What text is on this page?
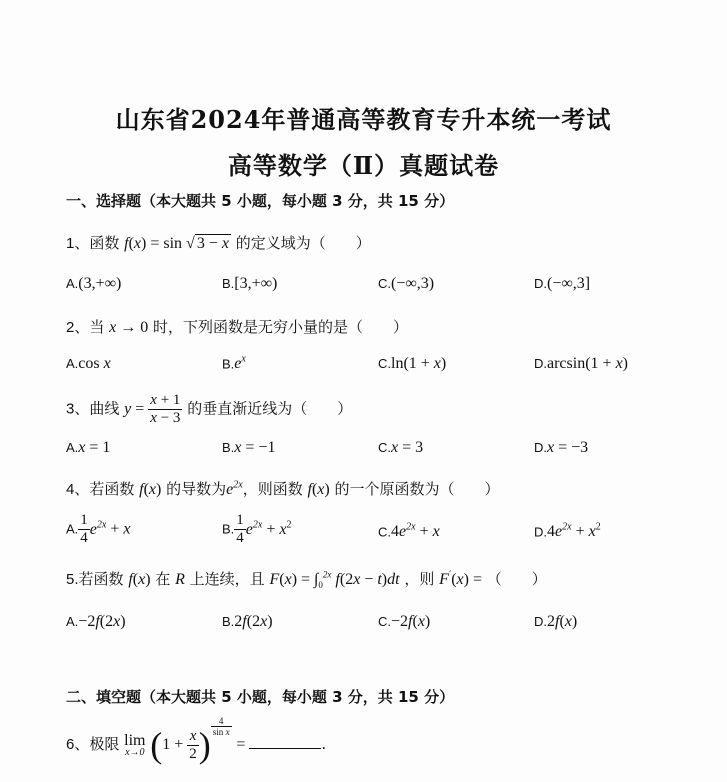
山东省2024年普通高等教育专升本统一考试
高等数学（Ⅱ）真题试卷
一、选择题（本大题共 5 小题，每小题 3 分，共 15 分）
1、函数 f(x) = sin √ 3 − x 的定义域为（　　）
A.(3,+∞)	B.[3,+∞)	C.(−∞,3)	D.(−∞,3]
2、当 x → 0 时，下列函数是无穷小量的是（　　）
A.cos x	$B.e^x$	C.ln(1 + x)	D.arcsin(1 + x)
3、曲线 $y = \frac{x + 1}{x - 3}$ 的垂直渐近线为（　　）
A.x = 1	B.x = −1	C.x = 3	D.x = −3
4、若函数 f(x) 的导数为$e^{2x}$，则函数 f(x) 的一个原函数为（　　）
A. $\frac{1}{4} e^{2x} + x$	B. $\frac{1}{4} e^{2x} + x^2$	$C.4e^{2x} + x$	$D.4e^{2x} + x^2$
5.若函数 f(x) 在 R 上连续，且 $F(x) = \int_0^{2x}$ f(2x − t)dt ，则 F′(x) = （　　）
A.−2f(2x)	B.2f(2x)	C.−2f(x)	D.2f(x)
二、填空题（本大题共 5 小题，每小题 3 分，共 15 分）
6、极限 lim
x→0 ($1 + \frac{x}{2}$ ) $^{\frac{4}{\text{sin x}}}$
=	.
